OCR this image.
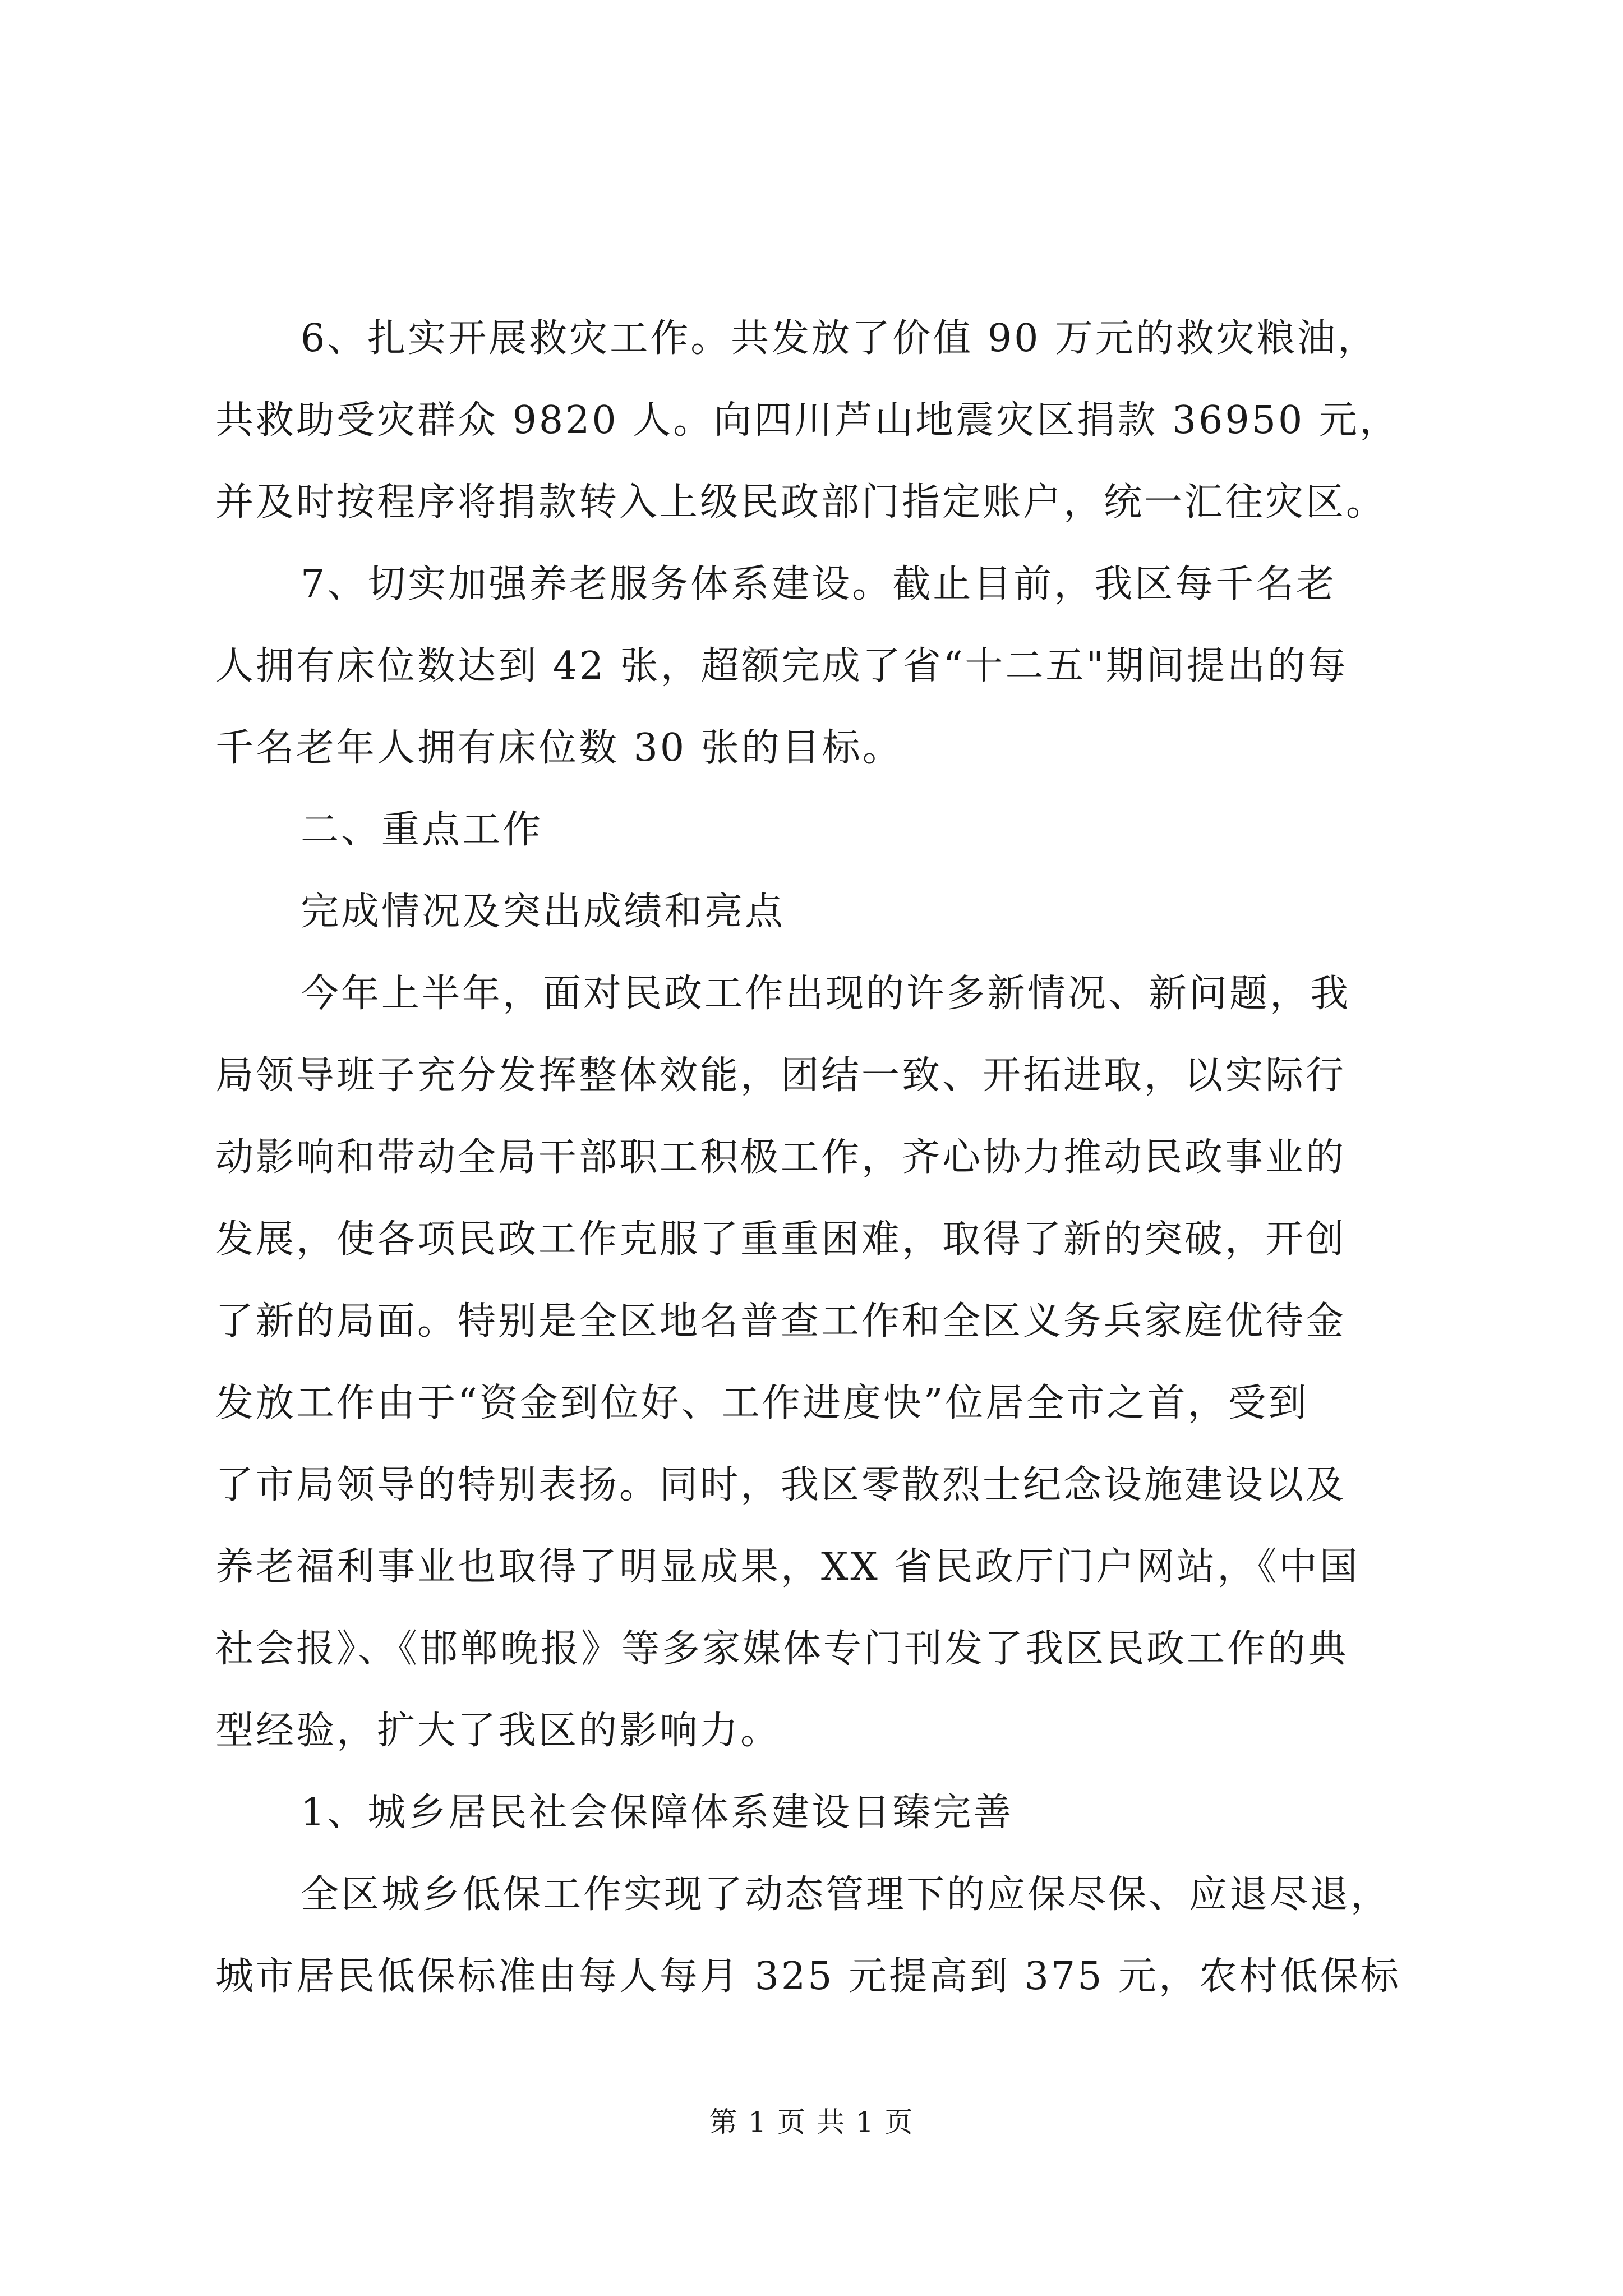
6、扎实开展救灾工作。共发放了价值 90 万元的救灾粮油，
共救助受灾群众 9820 人。向四川芦山地震灾区捐款 36950 元，
并及时按程序将捐款转入上级民政部门指定账户，统一汇往灾区。
7、切实加强养老服务体系建设。截止目前，我区每千名老
人拥有床位数达到 42 张，超额完成了省“十二五"期间提出的每
千名老年人拥有床位数 30 张的目标。
二、重点工作
完成情况及突出成绩和亮点
今年上半年，面对民政工作出现的许多新情况、新问题，我
局领导班子充分发挥整体效能，团结一致、开拓进取，以实际行
动影响和带动全局干部职工积极工作，齐心协力推动民政事业的
发展，使各项民政工作克服了重重困难，取得了新的突破，开创
了新的局面。特别是全区地名普查工作和全区义务兵家庭优待金
发放工作由于“资金到位好、工作进度快”位居全市之首，受到
了市局领导的特别表扬。同时，我区零散烈士纪念设施建设以及
养老福利事业也取得了明显成果，XX 省民政厅门户网站，《中国
社会报》、《邯郸晚报》等多家媒体专门刊发了我区民政工作的典
型经验，扩大了我区的影响力。
1、城乡居民社会保障体系建设日臻完善
全区城乡低保工作实现了动态管理下的应保尽保、应退尽退，
城市居民低保标准由每人每月 325 元提高到 375 元，农村低保标
第 1 页 共 1 页
